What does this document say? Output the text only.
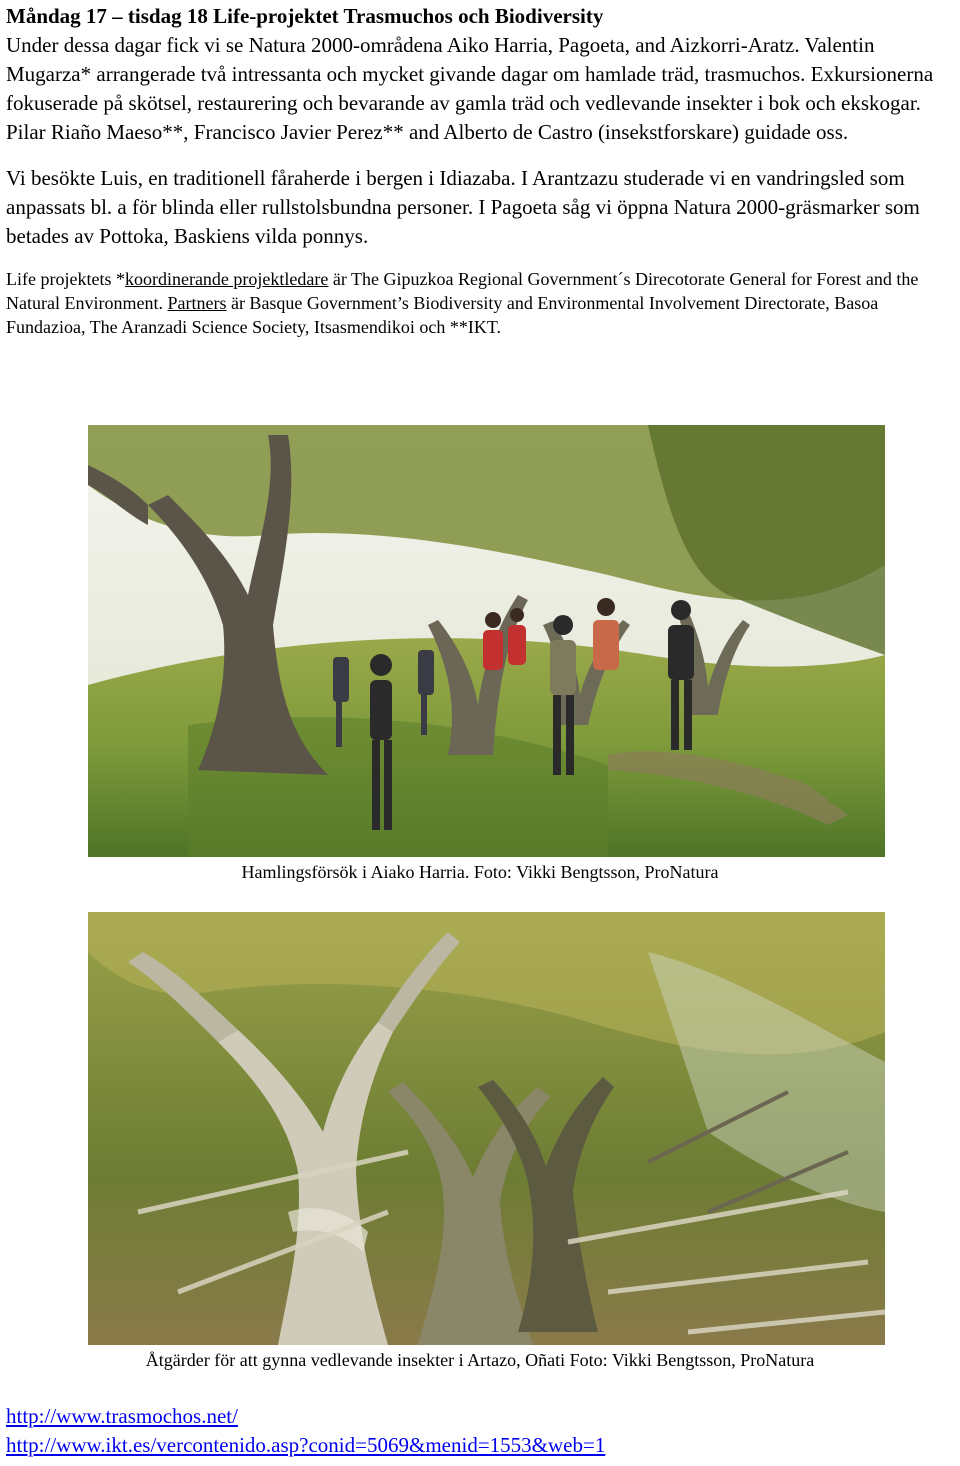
Måndag 17 – tisdag 18 Life-projektet Trasmuchos och Biodiversity

Under dessa dagar fick vi se Natura 2000-områdena Aiko Harria, Pagoeta, and Aizkorri-Aratz. Valentin Mugarza* arrangerade två intressanta och mycket givande dagar om hamlade träd, trasmuchos. Exkursionerna fokuserade på skötsel, restaurering och bevarande av gamla träd och vedlevande insekter i bok och ekskogar. Pilar Riaño Maeso**, Francisco Javier Perez** and Alberto de Castro (insekstforskare) guidade oss.

Vi besökte Luis, en traditionell fåraherde i bergen i Idiazaba. I Arantzazu studerade vi en vandringsled som anpassats bl. a för blinda eller rullstolsbundna personer. I Pagoeta såg vi öppna Natura 2000-gräsmarker som betades av Pottoka, Baskiens vilda ponnys.

Life projektets *koordinerande projektledare är The Gipuzkoa Regional Government´s Direcotorate General for Forest and the Natural Environment. Partners är Basque Government’s Biodiversity and Environmental Involvement Directorate, Basoa Fundazioa, The Aranzadi Science Society, Itsasmendikoi och **IKT.

Hamlingsförsök i Aiako Harria. Foto: Vikki Bengtsson, ProNatura
Åtgärder för att gynna vedlevande insekter i Artazo, Oñati Foto: Vikki Bengtsson, ProNatura
http://www.trasmochos.net/
http://www.ikt.es/vercontenido.asp?conid=5069&menid=1553&web=1
